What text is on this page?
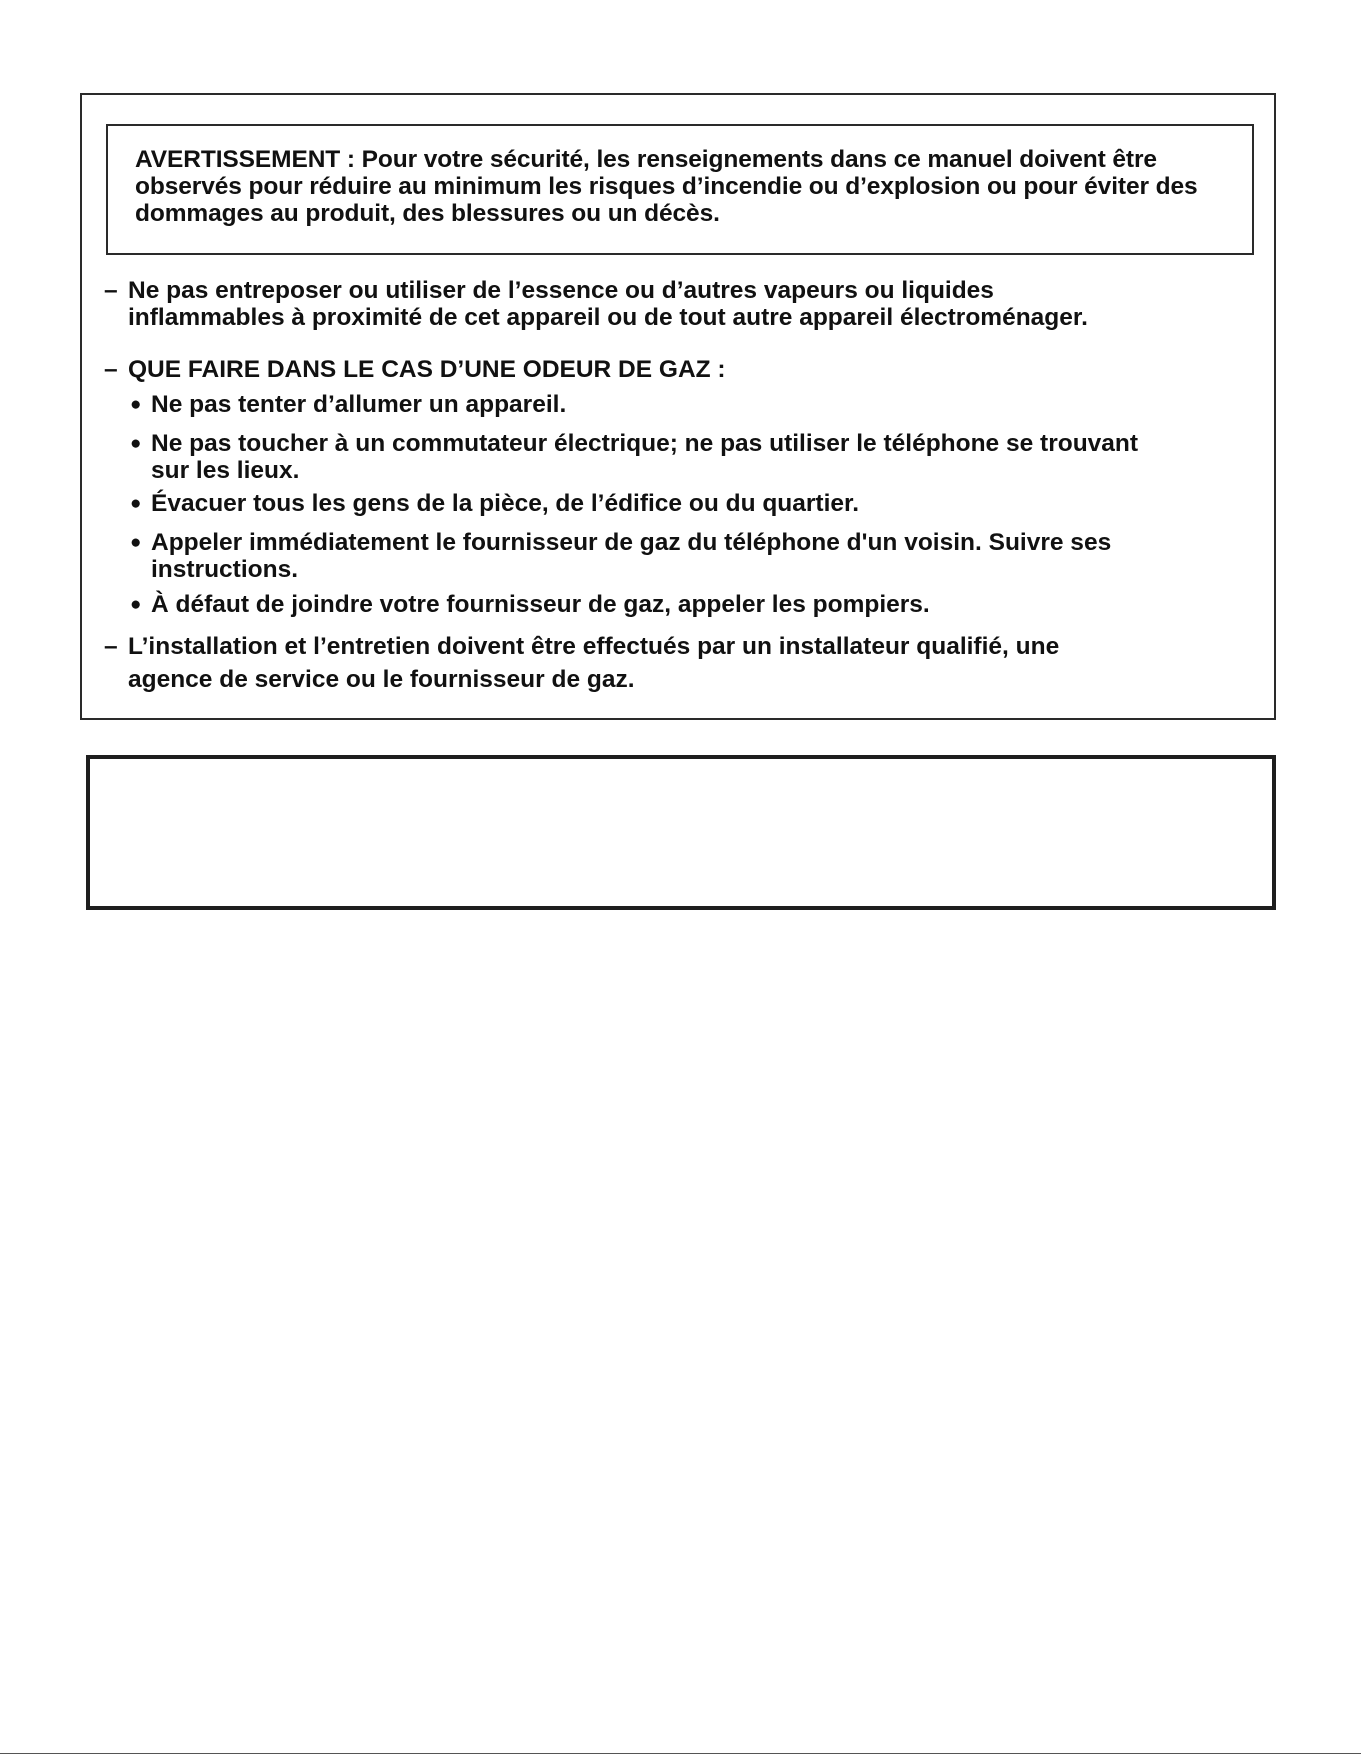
AVERTISSEMENT : Pour votre sécurité, les renseignements dans ce manuel doivent être observés pour réduire au minimum les risques d’incendie ou d’explosion ou pour éviter des dommages au produit, des blessures ou un décès.

– Ne pas entreposer ou utiliser de l’essence ou d’autres vapeurs ou liquides
inflammables à proximité de cet appareil ou de tout autre appareil électroménager.
– QUE FAIRE DANS LE CAS D’UNE ODEUR DE GAZ :
● Ne pas tenter d’allumer un appareil.
● Ne pas toucher à un commutateur électrique; ne pas utiliser le téléphone se trouvant
sur les lieux.
● Évacuer tous les gens de la pièce, de l’édifice ou du quartier.
● Appeler immédiatement le fournisseur de gaz du téléphone d'un voisin. Suivre ses
instructions.
● À défaut de joindre votre fournisseur de gaz, appeler les pompiers.
– L’installation et l’entretien doivent être effectués par un installateur qualifié, une
agence de service ou le fournisseur de gaz.
